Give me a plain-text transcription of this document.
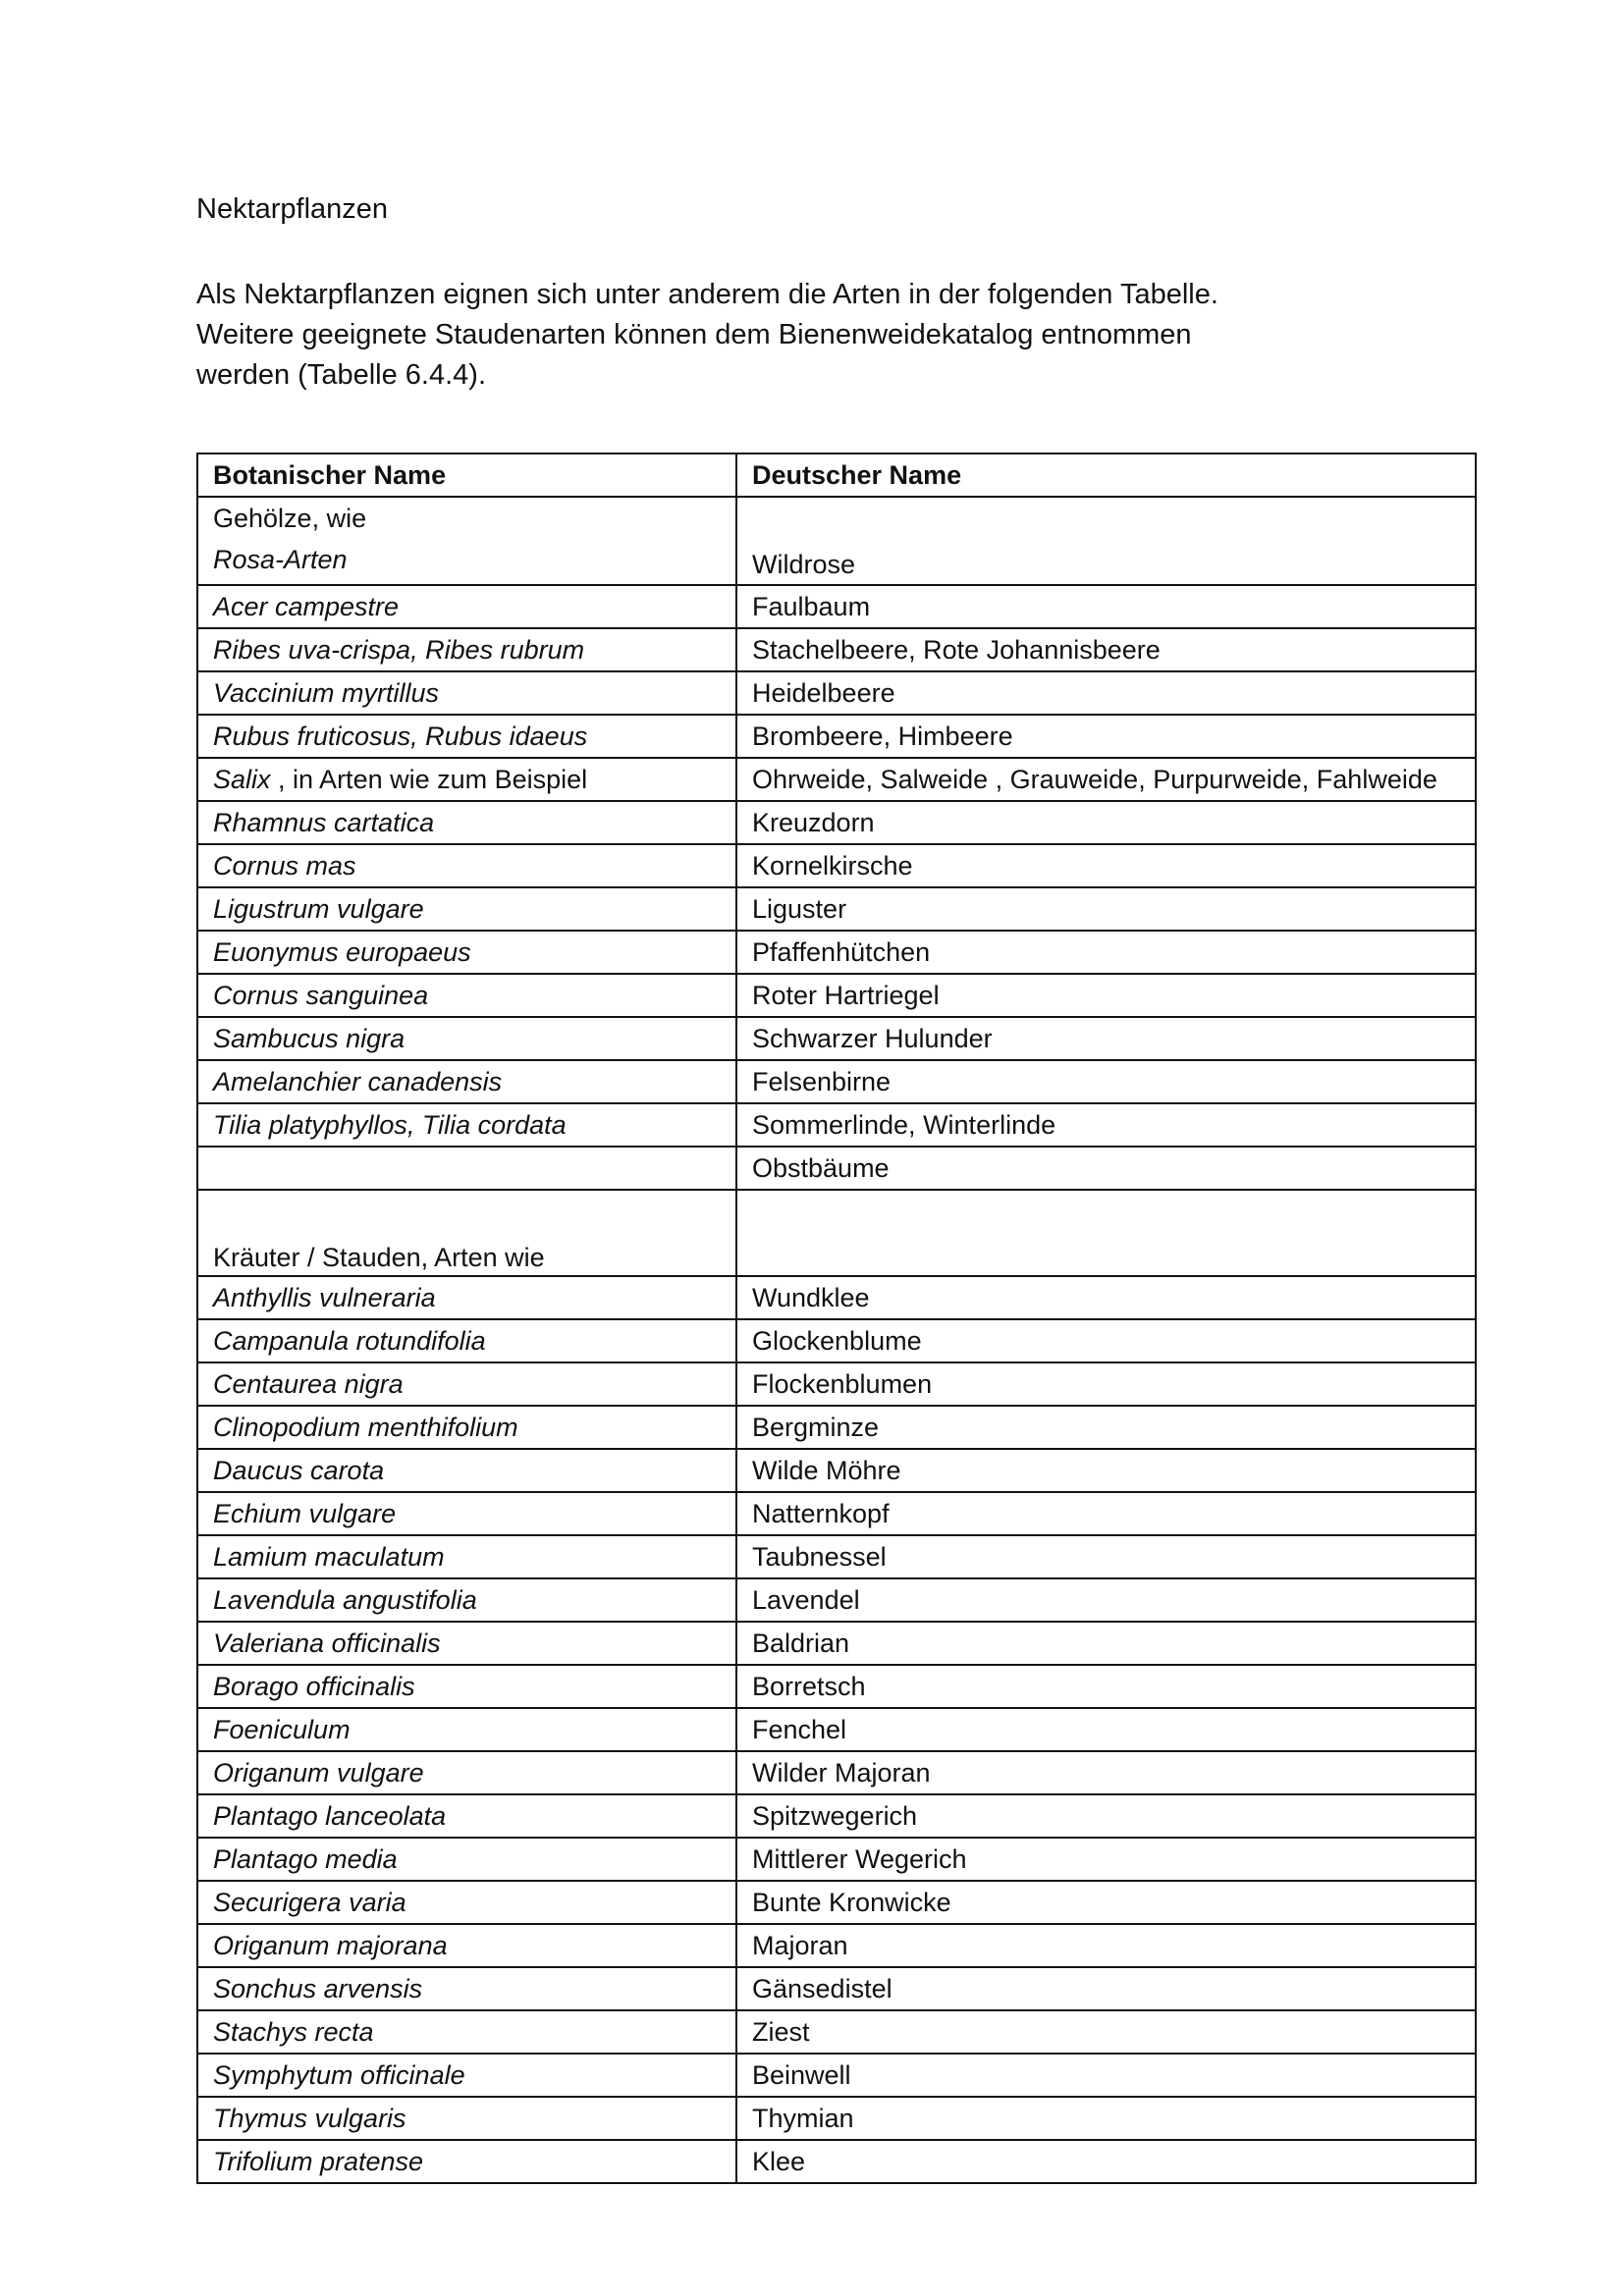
Nektarpflanzen

Als Nektarpflanzen eignen sich unter anderem die Arten in der folgenden Tabelle.

Weitere geeignete Staudenarten können dem Bienenweidekatalog entnommen

werden (Tabelle 6.4.4).

Botanischer Name	Deutscher Name

Gehölze, wie
Rosa-Arten	Wildrose
Acer campestre	Faulbaum
Ribes uva-crispa, Ribes rubrum	Stachelbeere, Rote Johannisbeere
Vaccinium myrtillus	Heidelbeere
Rubus fruticosus, Rubus idaeus	Brombeere, Himbeere
Salix , in Arten wie zum Beispiel	Ohrweide, Salweide , Grauweide, Purpurweide, Fahlweide
Rhamnus cartatica	Kreuzdorn
Cornus mas	Kornelkirsche
Ligustrum vulgare	Liguster
Euonymus europaeus	Pfaffenhütchen
Cornus sanguinea	Roter Hartriegel
Sambucus nigra	Schwarzer Hulunder
Amelanchier canadensis	Felsenbirne
Tilia platyphyllos, Tilia cordata	Sommerlinde, Winterlinde
	Obstbäume
Kräuter / Stauden, Arten wie	
Anthyllis vulneraria	Wundklee
Campanula rotundifolia	Glockenblume
Centaurea nigra	Flockenblumen
Clinopodium menthifolium	Bergminze
Daucus carota	Wilde Möhre
Echium vulgare	Natternkopf
Lamium maculatum	Taubnessel
Lavendula angustifolia	Lavendel
Valeriana officinalis	Baldrian
Borago officinalis	Borretsch
Foeniculum	Fenchel
Origanum vulgare	Wilder Majoran
Plantago lanceolata	Spitzwegerich
Plantago media	Mittlerer Wegerich
Securigera varia	Bunte Kronwicke
Origanum majorana	Majoran
Sonchus arvensis	Gänsedistel
Stachys recta	Ziest
Symphytum officinale	Beinwell
Thymus vulgaris	Thymian
Trifolium pratense	Klee
